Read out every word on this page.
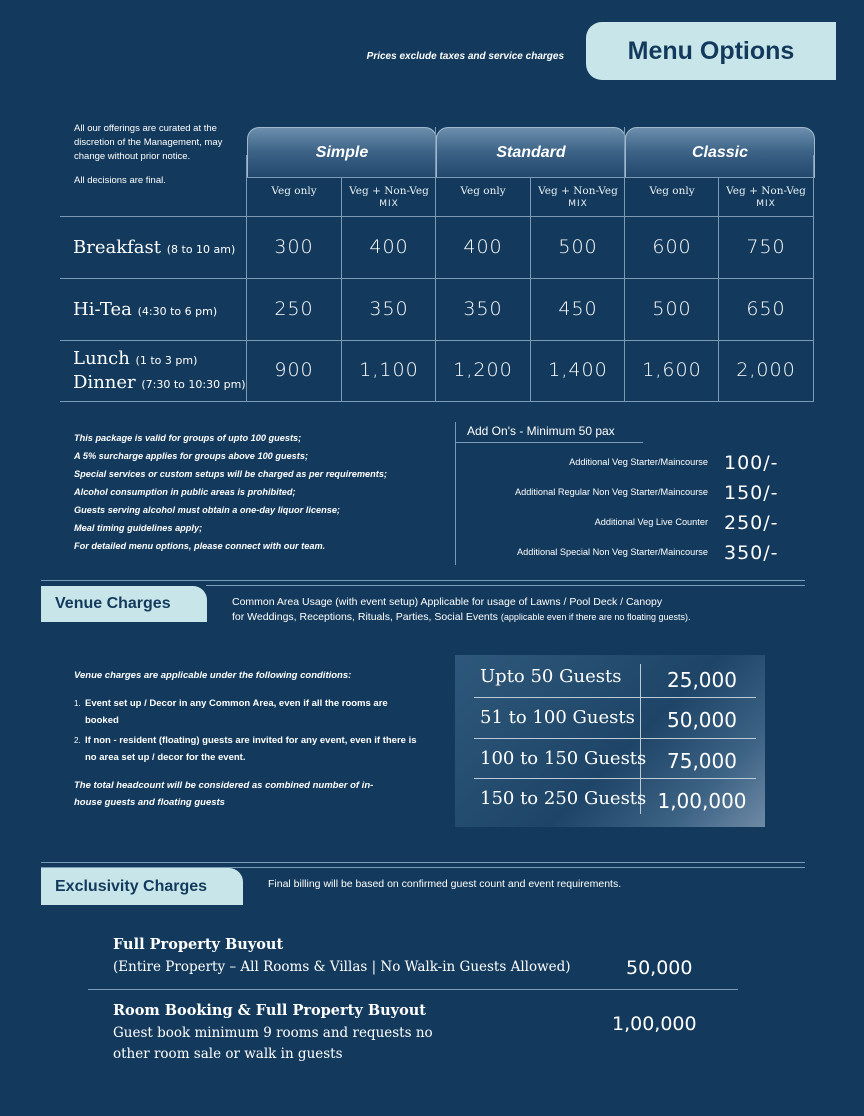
Prices exclude taxes and service charges	Menu Options

All our offerings are curated at the discretion of the Management, may change without prior notice.

All decisions are final.

Simple	Standard	Classic
Veg only	Veg + Non-Veg
MIX
Veg only	Veg + Non-Veg
MIX
Veg only	Veg + Non-Veg
MIX
Breakfast (8 to 10 am)	300	400	400	500	600	750
Hi-Tea (4:30 to 6 pm)	250	350	350	450	500	650
Lunch (1 to 3 pm)
Dinner (7:30 to 10:30 pm)
900	1,100	1,200	1,400	1,600	2,000
This package is valid for groups of upto 100 guests;
A 5% surcharge applies for groups above 100 guests;
Special services or custom setups will be charged as per requirements;
Alcohol consumption in public areas is prohibited;
Guests serving alcohol must obtain a one-day liquor license;
Meal timing guidelines apply;
For detailed menu options, please connect with our team.
Add On's - Minimum 50 pax
Additional Veg Starter/Maincourse 100/-
Additional Regular Non Veg Starter/Maincourse 150/-
Additional Veg Live Counter 250/-
Additional Special Non Veg Starter/Maincourse 350/-
Venue Charges	Common Area Usage (with event setup) Applicable for usage of Lawns / Pool Deck / Canopy
for Weddings, Receptions, Rituals, Parties, Social Events (applicable even if there are no floating guests).
Venue charges are applicable under the following conditions:
1. Event set up / Decor in any Common Area, even if all the rooms are booked
2. If non - resident (floating) guests are invited for any event, even if there is no area set up / decor for the event.
The total headcount will be considered as combined number of in-house guests and floating guests
Upto 50 Guests	25,000
51 to 100 Guests	50,000
100 to 150 Guests	75,000
150 to 250 Guests 1,00,000
Exclusivity Charges	Final billing will be based on confirmed guest count and event requirements.
Full Property Buyout
(Entire Property – All Rooms & Villas | No Walk-in Guests Allowed)	50,000
Room Booking & Full Property Buyout
Guest book minimum 9 rooms and requests no
other room sale or walk in guests
1,00,000
